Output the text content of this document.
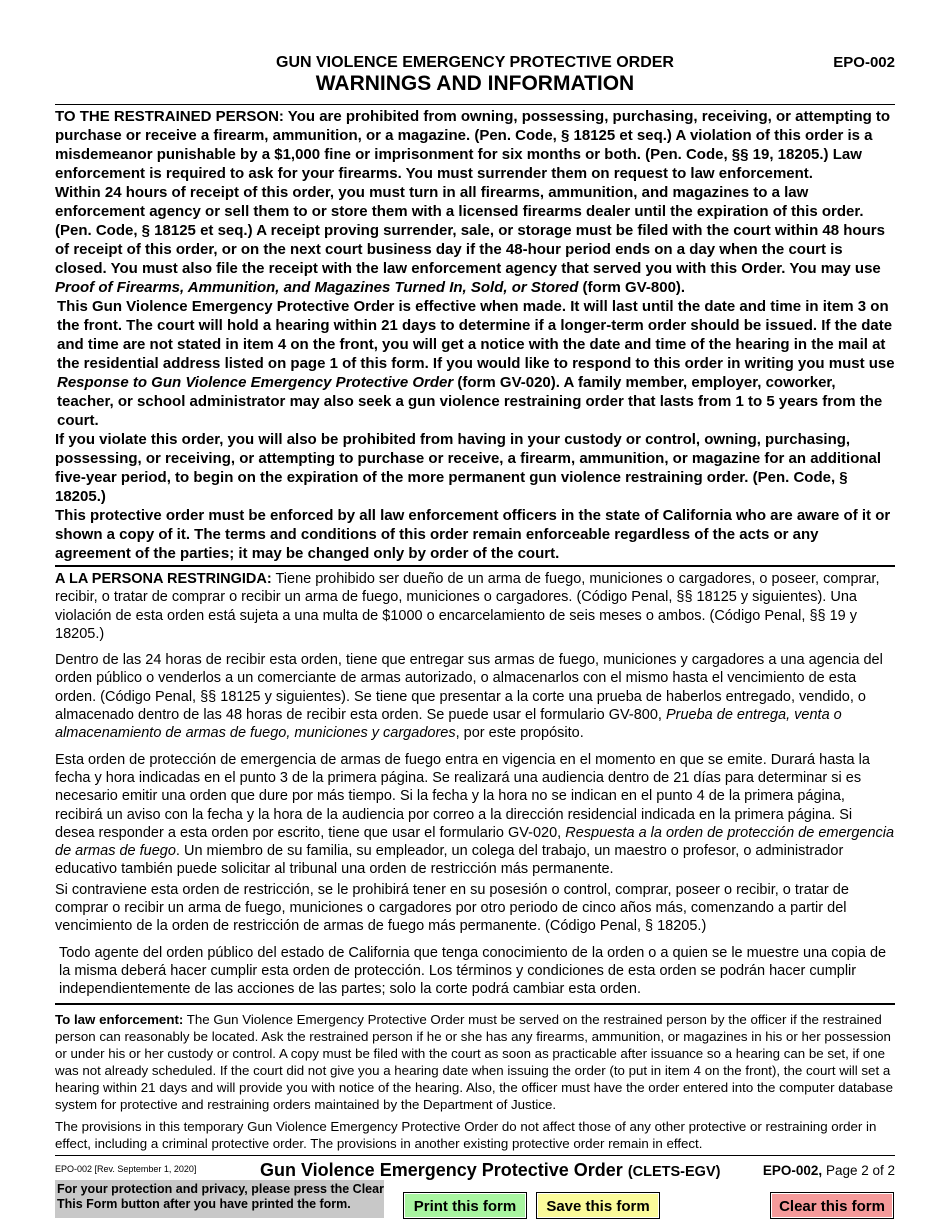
GUN VIOLENCE EMERGENCY PROTECTIVE ORDER
WARNINGS AND INFORMATION
EPO-002

TO THE RESTRAINED PERSON: You are prohibited from owning, possessing, purchasing, receiving, or attempting to purchase or receive a firearm, ammunition, or a magazine. (Pen. Code, § 18125 et seq.) A violation of this order is a misdemeanor punishable by a $1,000 fine or imprisonment for six months or both. (Pen. Code, §§ 19, 18205.) Law enforcement is required to ask for your firearms. You must surrender them on request to law enforcement.

Within 24 hours of receipt of this order, you must turn in all firearms, ammunition, and magazines to a law enforcement agency or sell them to or store them with a licensed firearms dealer until the expiration of this order. (Pen. Code, § 18125 et seq.) A receipt proving surrender, sale, or storage must be filed with the court within 48 hours of receipt of this order, or on the next court business day if the 48-hour period ends on a day when the court is closed. You must also file the receipt with the law enforcement agency that served you with this Order. You may use Proof of Firearms, Ammunition, and Magazines Turned In, Sold, or Stored (form GV-800).

This Gun Violence Emergency Protective Order is effective when made. It will last until the date and time in item 3 on the front. The court will hold a hearing within 21 days to determine if a longer-term order should be issued. If the date and time are not stated in item 4 on the front, you will get a notice with the date and time of the hearing in the mail at the residential address listed on page 1 of this form. If you would like to respond to this order in writing you must use Response to Gun Violence Emergency Protective Order (form GV-020). A family member, employer, coworker, teacher, or school administrator may also seek a gun violence restraining order that lasts from 1 to 5 years from the court.

If you violate this order, you will also be prohibited from having in your custody or control, owning, purchasing, possessing, or receiving, or attempting to purchase or receive, a firearm, ammunition, or magazine for an additional five-year period, to begin on the expiration of the more permanent gun violence restraining order. (Pen. Code, § 18205.)

This protective order must be enforced by all law enforcement officers in the state of California who are aware of it or shown a copy of it. The terms and conditions of this order remain enforceable regardless of the acts or any agreement of the parties; it may be changed only by order of the court.

A LA PERSONA RESTRINGIDA: Tiene prohibido ser dueño de un arma de fuego, municiones o cargadores, o poseer, comprar, recibir, o tratar de comprar o recibir un arma de fuego, municiones o cargadores. (Código Penal, §§ 18125 y siguientes). Una violación de esta orden está sujeta a una multa de $1000 o encarcelamiento de seis meses o ambos. (Código Penal, §§ 19 y 18205.)

Dentro de las 24 horas de recibir esta orden, tiene que entregar sus armas de fuego, municiones y cargadores a una agencia del orden público o venderlos a un comerciante de armas autorizado, o almacenarlos con el mismo hasta el vencimiento de esta orden. (Código Penal, §§ 18125 y siguientes). Se tiene que presentar a la corte una prueba de haberlos entregado, vendido, o almacenado dentro de las 48 horas de recibir esta orden. Se puede usar el formulario GV-800, Prueba de entrega, venta o almacenamiento de armas de fuego, municiones y cargadores, por este propósito.

Esta orden de protección de emergencia de armas de fuego entra en vigencia en el momento en que se emite. Durará hasta la fecha y hora indicadas en el punto 3 de la primera página. Se realizará una audiencia dentro de 21 días para determinar si es necesario emitir una orden que dure por más tiempo. Si la fecha y la hora no se indican en el punto 4 de la primera página, recibirá un aviso con la fecha y la hora de la audiencia por correo a la dirección residencial indicada en la primera página. Si desea responder a esta orden por escrito, tiene que usar el formulario GV-020, Respuesta a la orden de protección de emergencia de armas de fuego. Un miembro de su familia, su empleador, un colega del trabajo, un maestro o profesor, o administrador educativo también puede solicitar al tribunal una orden de restricción más permanente.

Si contraviene esta orden de restricción, se le prohibirá tener en su posesión o control, comprar, poseer o recibir, o tratar de comprar o recibir un arma de fuego, municiones o cargadores por otro periodo de cinco años más, comenzando a partir del vencimiento de la orden de restricción de armas de fuego más permanente. (Código Penal, § 18205.)

Todo agente del orden público del estado de California que tenga conocimiento de la orden o a quien se le muestre una copia de la misma deberá hacer cumplir esta orden de protección. Los términos y condiciones de esta orden se podrán hacer cumplir independientemente de las acciones de las partes; solo la corte podrá cambiar esta orden.

To law enforcement: The Gun Violence Emergency Protective Order must be served on the restrained person by the officer if the restrained person can reasonably be located. Ask the restrained person if he or she has any firearms, ammunition, or magazines in his or her possession or under his or her custody or control. A copy must be filed with the court as soon as practicable after issuance so a hearing can be set, if one was not already scheduled. If the court did not give you a hearing date when issuing the order (to put in item 4 on the front), the court will set a hearing within 21 days and will provide you with notice of the hearing. Also, the officer must have the order entered into the computer database system for protective and restraining orders maintained by the Department of Justice.

The provisions in this temporary Gun Violence Emergency Protective Order do not affect those of any other protective or restraining order in effect, including a criminal protective order. The provisions in another existing protective order remain in effect.

EPO-002 [Rev. September 1, 2020]	Gun Violence Emergency Protective Order (CLETS-EGV)	EPO-002, Page 2 of 2
For your protection and privacy, please press the Clear This Form button after you have printed the form.	Print this form	Save this form	Clear this form
